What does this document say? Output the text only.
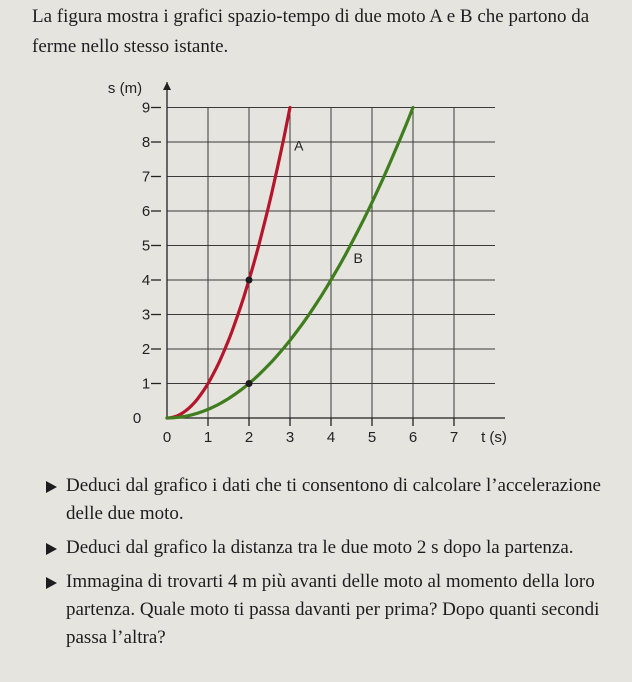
La figura mostra i grafici spazio-tempo di due moto A e B che partono da ferme nello stesso istante.
0
1
2
3
4
5
6
7
8
9
0 1 2 3 4 5 6 7
s (m)
t (s)
A
B
Deduci dal grafico i dati che ti consentono di calcolare l’accelerazione delle due moto.
Deduci dal grafico la distanza tra le due moto 2 s dopo la partenza.
Immagina di trovarti 4 m più avanti delle moto al momento della loro partenza. Quale moto ti passa davanti per prima? Dopo quanti secondi passa l’altra?
